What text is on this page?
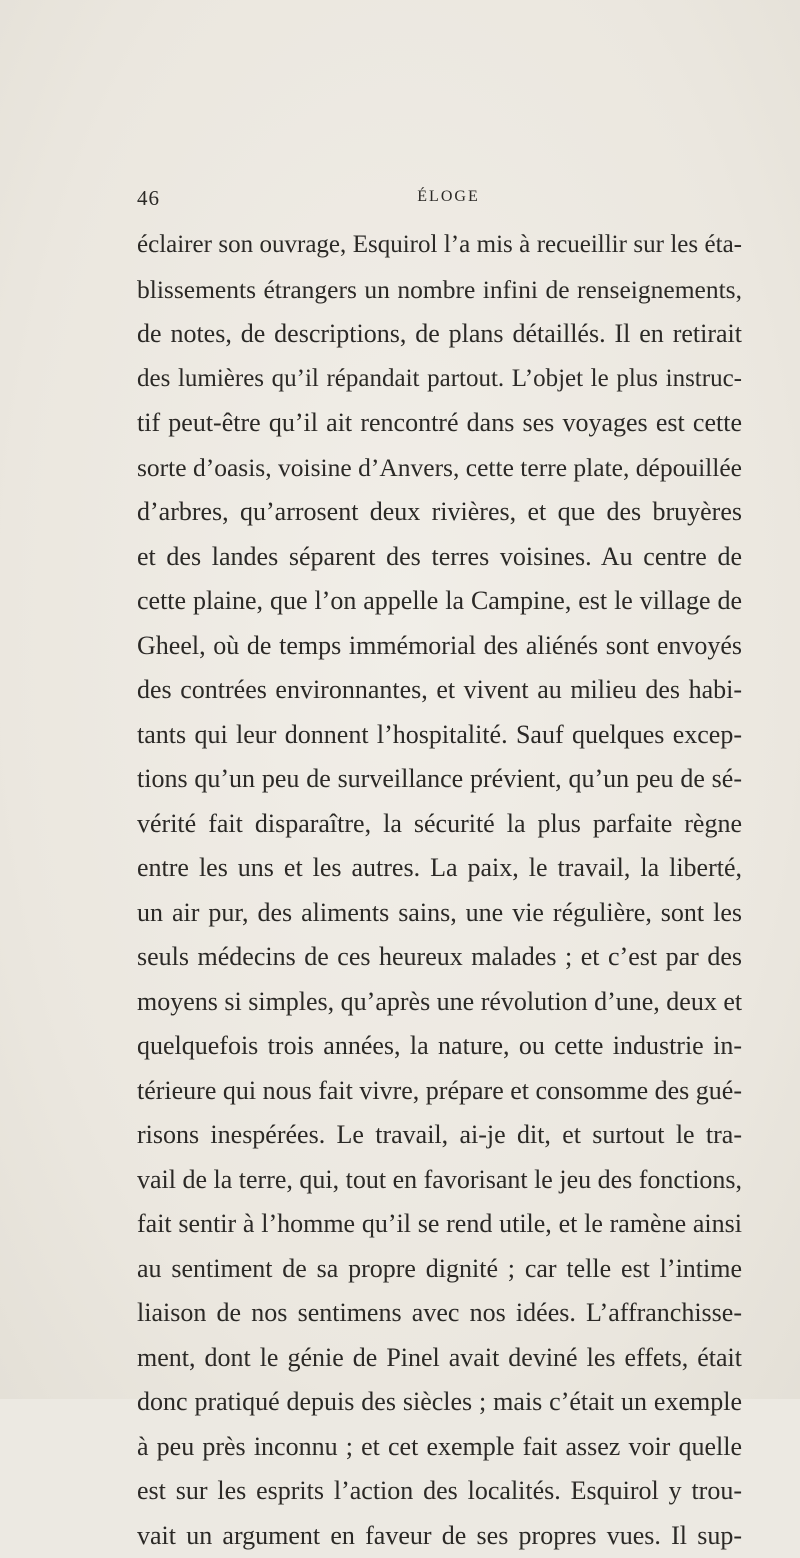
46	ÉLOGE
éclairer son ouvrage, Esquirol l’a mis à recueillir sur les éta-
blissements étrangers un nombre infini de renseignements,
de notes, de descriptions, de plans détaillés. Il en retirait
des lumières qu’il répandait partout. L’objet le plus instruc-
tif peut-être qu’il ait rencontré dans ses voyages est cette
sorte d’oasis, voisine d’Anvers, cette terre plate, dépouillée
d’arbres, qu’arrosent deux rivières, et que des bruyères
et des landes séparent des terres voisines. Au centre de
cette plaine, que l’on appelle la Campine, est le village de
Gheel, où de temps immémorial des aliénés sont envoyés
des contrées environnantes, et vivent au milieu des habi-
tants qui leur donnent l’hospitalité. Sauf quelques excep-
tions qu’un peu de surveillance prévient, qu’un peu de sé-
vérité fait disparaître, la sécurité la plus parfaite règne
entre les uns et les autres. La paix, le travail, la liberté,
un air pur, des aliments sains, une vie régulière, sont les
seuls médecins de ces heureux malades ; et c’est par des
moyens si simples, qu’après une révolution d’une, deux et
quelquefois trois années, la nature, ou cette industrie in-
térieure qui nous fait vivre, prépare et consomme des gué-
risons inespérées. Le travail, ai-je dit, et surtout le tra-
vail de la terre, qui, tout en favorisant le jeu des fonctions,
fait sentir à l’homme qu’il se rend utile, et le ramène ainsi
au sentiment de sa propre dignité ; car telle est l’intime
liaison de nos sentimens avec nos idées. L’affranchisse-
ment, dont le génie de Pinel avait deviné les effets, était
donc pratiqué depuis des siècles ; mais c’était un exemple
à peu près inconnu ; et cet exemple fait assez voir quelle
est sur les esprits l’action des localités. Esquirol y trou-
vait un argument en faveur de ses propres vues. Il sup-
